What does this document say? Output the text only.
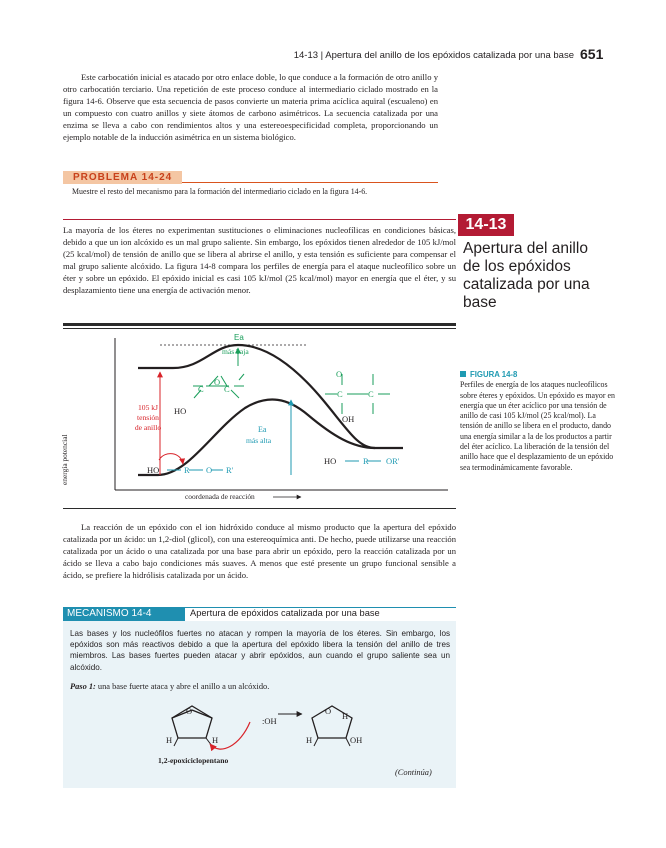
14-13 | Apertura del anillo de los epóxidos catalizada por una base 651

Este carbocatión inicial es atacado por otro enlace doble, lo que conduce a la formación de otro anillo y otro carbocatión terciario. Una repetición de este proceso conduce al intermediario ciclado mostrado en la figura 14-6. Observe que esta secuencia de pasos convierte un materia prima acíclica aquiral (escualeno) en un compuesto con cuatro anillos y siete átomos de carbono asimétricos. La secuencia catalizada por una enzima se lleva a cabo con rendimientos altos y una estereoespecificidad completa, proporcionando un ejemplo notable de la inducción asimétrica en un sistema biológico.

PROBLEMA 14-24
Muestre el resto del mecanismo para la formación del intermediario ciclado en la figura 14-6.
14-13
Apertura del anillo de los epóxidos catalizada por una base

La mayoría de los éteres no experimentan sustituciones o eliminaciones nucleofílicas en condiciones básicas, debido a que un ion alcóxido es un mal grupo saliente. Sin embargo, los epóxidos tienen alrededor de 105 kJ/mol (25 kcal/mol) de tensión de anillo que se libera al abrirse el anillo, y esta tensión es suficiente para compensar el mal grupo saliente alcóxido. La figura 14-8 compara los perfiles de energía para el ataque nucleofílico sobre un éter y sobre un epóxido. El epóxido inicial es casi 105 kJ/mol (25 kcal/mol) mayor en energía que el éter, y su desplazamiento tiene una energía de activación menor.

Ea
más baja
Ea
más alta
105 kJ
tensión
de anillo
energía potencial
coordenada de reacción
HO	R O R'
HO	R OR'
O
C C
HO
O
C	C
OH
FIGURA 14-8
Perfiles de energía de los ataques nucleofílicos sobre éteres y epóxidos. Un epóxido es mayor en energía que un éter acíclico por una tensión de anillo de casi 105 kJ/mol (25 kcal/mol). La tensión de anillo se libera en el producto, dando una energía similar a la de los productos a partir del éter acíclico. La liberación de la tensión del anillo hace que el desplazamiento de un epóxido sea termodinámicamente favorable.

La reacción de un epóxido con el ion hidróxido conduce al mismo producto que la apertura del epóxido catalizada por un ácido: un 1,2-diol (glicol), con una estereoquímica anti. De hecho, puede utilizarse una reacción catalizada por un ácido o una catalizada por una base para abrir un epóxido, pero la reacción catalizada por un ácido se lleva a cabo bajo condiciones más suaves. A menos que esté presente un grupo funcional sensible a ácido, se prefiere la hidrólisis catalizada por un ácido.

MECANISMO 14-4	Apertura de epóxidos catalizada por una base
Las bases y los nucleófilos fuertes no atacan y rompen la mayoría de los éteres. Sin embargo, los epóxidos son más reactivos debido a que la apertura del epóxido libera la tensión del anillo de tres miembros. Las bases fuertes pueden atacar y abrir epóxidos, aun cuando el grupo saliente sea un alcóxido.
Paso 1: una base fuerte ataca y abre el anillo a un alcóxido.
O
H	H
:OH
O H
H	OH
1,2-epoxiciclopentano
(Continúa)
